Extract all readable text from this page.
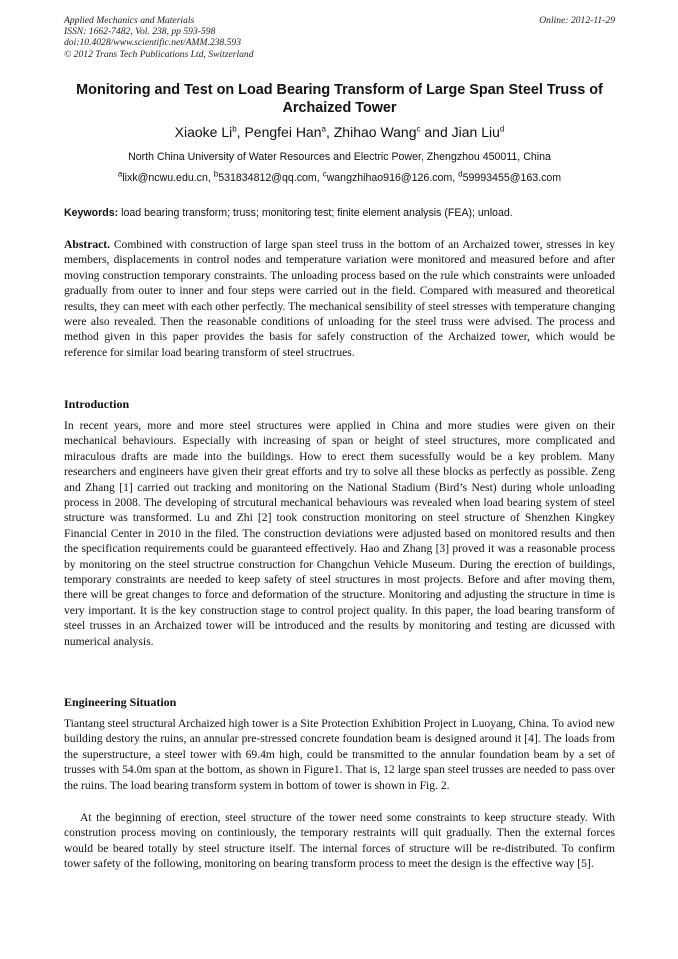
Applied Mechanics and Materials	Online: 2012-11-29
ISSN: 1662-7482, Vol. 238, pp 593-598
doi:10.4028/www.scientific.net/AMM.238.593
© 2012 Trans Tech Publications Ltd, Switzerland
Monitoring and Test on Load Bearing Transform of Large Span Steel Truss of Archaized Tower
Xiaoke Li$^b$, Pengfei Han$^a$, Zhihao Wang$^c$ and Jian Liu$^d$
North China University of Water Resources and Electric Power, Zhengzhou 450011, China
$^a$lixk@ncwu.edu.cn, $^b$531834812@qq.com, $^c$wangzhihao916@126.com, $^d$59993455@163.com
Keywords: load bearing transform; truss; monitoring test; finite element analysis (FEA); unload.

Abstract. Combined with construction of large span steel truss in the bottom of an Archaized tower, stresses in key members, displacements in control nodes and temperature variation were monitored and measured before and after moving construction temporary constraints. The unloading process based on the rule which constraints were unloaded gradually from outer to inner and four steps were carried out in the field. Compared with measured and theoretical results, they can meet with each other perfectly. The mechanical sensibility of steel stresses with temperature changing were also revealed. Then the reasonable conditions of unloading for the steel truss were advised. The process and method given in this paper provides the basis for safely construction of the Archaized tower, which would be reference for similar load bearing transform of steel structrues.

Introduction

In recent years, more and more steel structures were applied in China and more studies were given on their mechanical behaviours. Especially with increasing of span or height of steel structures, more complicated and miraculous drafts are made into the buildings. How to erect them sucessfully would be a key problem. Many researchers and engineers have given their great efforts and try to solve all these blocks as perfectly as possible. Zeng and Zhang [1] carried out tracking and monitoring on the National Stadium (Bird’s Nest) during whole unloading process in 2008. The developing of strcutural mechanical behaviours was revealed when load bearing system of steel structure was transformed. Lu and Zhi [2] took construction monitoring on steel structure of Shenzhen Kingkey Financial Center in 2010 in the filed. The construction deviations were adjusted based on monitored results and then the specification requirements could be guaranteed effectively. Hao and Zhang [3] proved it was a reasonable process by monitoring on the steel structrue construction for Changchun Vehicle Museum. During the erection of buildings, temporary constraints are needed to keep safety of steel structures in most projects. Before and after moving them, there will be great changes to force and deformation of the structure. Monitoring and adjusting the structure in time is very important. It is the key construction stage to control project quality. In this paper, the load bearing transform of steel trusses in an Archaized tower will be introduced and the results by monitoring and testing are dicussed with numerical analysis.

Engineering Situation

Tiantang steel structural Archaized high tower is a Site Protection Exhibition Project in Luoyang, China. To aviod new building destory the ruins, an annular pre-stressed concrete foundation beam is designed around it [4]. The loads from the superstructure, a steel tower with 69.4m high, could be transmitted to the annular foundation beam by a set of trusses with 54.0m span at the bottom, as shown in Figure1. That is, 12 large span steel trusses are needed to pass over the ruins. The load bearing transform system in bottom of tower is shown in Fig. 2.

At the beginning of erection, steel structure of the tower need some constraints to keep structure steady. With constrution process moving on continiously, the temporary restraints will quit gradually. Then the external forces would be beared totally by steel structure itself. The internal forces of structure will be re-distributed. To confirm tower safety of the following, monitoring on bearing transform process to meet the design is the effective way [5].
